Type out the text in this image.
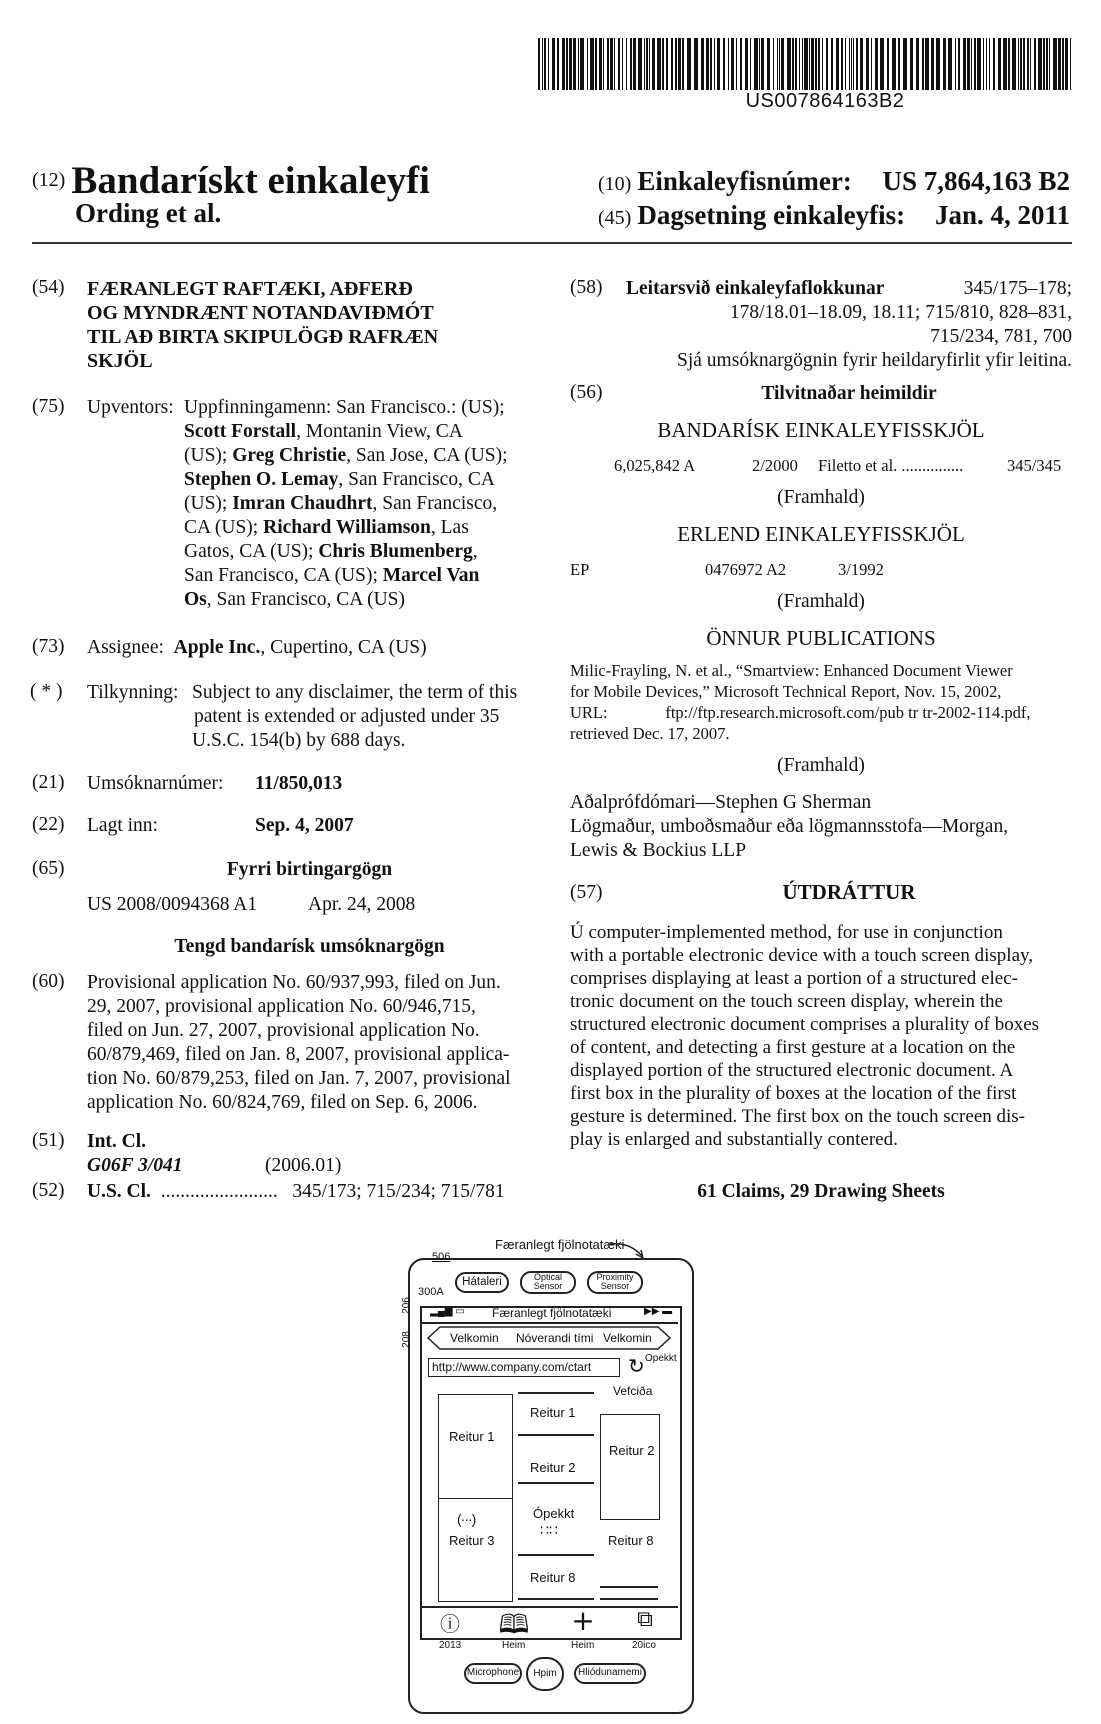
US007864163B2
(12) Bandarískt einkaleyfi
Ording et al.
(10) Einkaleyfisnúmer: US 7,864,163 B2
(45) Dagsetning einkaleyfis: Jan. 4, 2011
(54) FÆRANLEGT RAFTÆKI, AÐFERÐ
OG MYNDRÆNT NOTANDAVIÐMÓT
TIL AÐ BIRTA SKIPULÖGÐ RAFRÆN
SKJÖL
(75) Upventors: Uppfinningamenn: San Francisco.: (US);
Scott Forstall, Montanin View, CA
(US); Greg Christie, San Jose, CA (US);
Stephen O. Lemay, San Francisco, CA
(US); Imran Chaudhrt, San Francisco,
CA (US); Richard Williamson, Las
Gatos, CA (US); Chris Blumenberg,
San Francisco, CA (US); Marcel Van
Os, San Francisco, CA (US)
(73) Assignee: Apple Inc., Cupertino, CA (US)
( * ) Tilkynning: Subject to any disclaimer, the term of this
patent is extended or adjusted under 35
U.S.C. 154(b) by 688 days.
(21) Umsóknarnúmer: 11/850,013
(22) Lagt inn:	Sep. 4, 2007
(65)	Fyrri birtingargögn
US 2008/0094368 A1	Apr. 24, 2008
Tengd bandarísk umsóknargögn
(60) Provisional application No. 60/937,993, filed on Jun.
29, 2007, provisional application No. 60/946,715,
filed on Jun. 27, 2007, provisional application No.
60/879,469, filed on Jan. 8, 2007, provisional applica-
tion No. 60/879,253, filed on Jan. 7, 2007, provisional
application No. 60/824,769, filed on Sep. 6, 2006.
(51) Int. Cl.
G06F 3/041	(2006.01)
(52) U.S. Cl. ........................ 345/173; 715/234; 715/781
(58) Leitarsvið einkaleyfaflokkunar	345/175–178;
178/18.01–18.09, 18.11; 715/810, 828–831,
715/234, 781, 700
Sjá umsóknargögnin fyrir heildaryfirlit yfir leitina.
(56)	Tilvitnaðar heimildir
BANDARÍSK EINKALEYFISSKJÖL
6,025,842 A	2/2000 Filetto et al. ...............	345/345
(Framhald)
ERLEND EINKALEYFISSKJÖL
EP	0476972 A2	3/1992
(Framhald)
ÖNNUR PUBLICATIONS
Milic-Frayling, N. et al., “Smartview: Enhanced Document Viewer
for Mobile Devices,” Microsoft Technical Report, Nov. 15, 2002,
URL:              ftp://ftp.research.microsoft.com/pub tr tr-2002-114.pdf,
retrieved Dec. 17, 2007.
(Framhald)
Aðalprófdómari—Stephen G Sherman
Lögmaður, umboðsmaður eða lögmannsstofa—Morgan,
Lewis & Bockius LLP
(57)	ÚTDRÁTTUR
Ú computer-implemented method, for use in conjunction
with a portable electronic device with a touch screen display,
comprises displaying at least a portion of a structured elec-
tronic document on the touch screen display, wherein the
structured electronic document comprises a plurality of boxes
of content, and detecting a first gesture at a location on the
displayed portion of the structured electronic document. A
first box in the plurality of boxes at the location of the first
gesture is determined. The first box on the touch screen dis-
play is enlarged and substantially contered.
61 Claims, 29 Drawing Sheets
Færanlegt fjölnotatæki
506
300A
206
208
Hátaleri	Optical Sensor
Proximity Sensor
▂▄▆ ▭ Færanlegt fjölnotatæki	▶▶ ▬
Velkomin Nóverandi tími Velkomin
http://www.company.com/ctart ↻ Opekkt
Vefciða
Reitur 1
Reitur 1
Reitur 2
Reitur 2
(···)
Reitur 3
Ópekkt
∷∷
Reitur 8
Reitur 8
ⓘ
2013
🕮
Heim
+
Heim
⧉
20ico
Microphone	Hpim	Hliódunamemi
